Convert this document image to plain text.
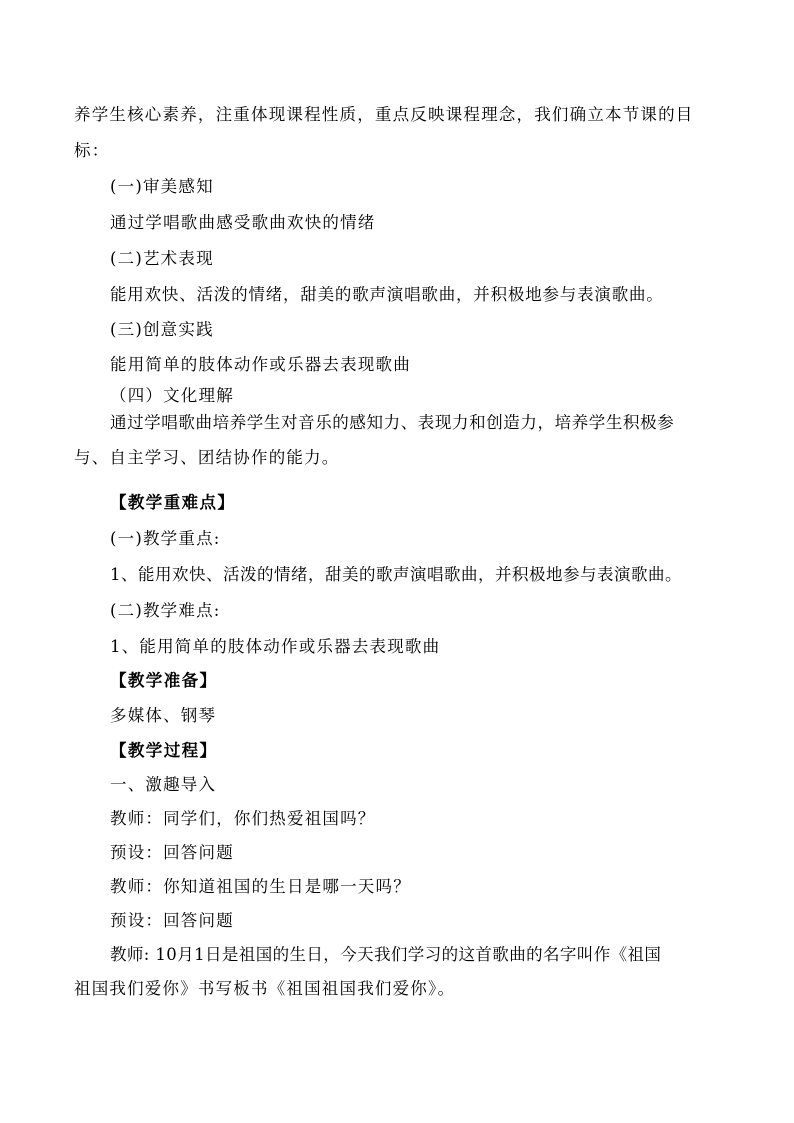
养学生核心素养，注重体现课程性质，重点反映课程理念，我们确立本节课的目
标：
(一)审美感知
通过学唱歌曲感受歌曲欢快的情绪
(二)艺术表现
能用欢快、活泼的情绪，甜美的歌声演唱歌曲，并积极地参与表演歌曲。
(三)创意实践
能用简单的肢体动作或乐器去表现歌曲
（四）文化理解
通过学唱歌曲培养学生对音乐的感知力、表现力和创造力，培养学生积极参
与、自主学习、团结协作的能力。
【教学重难点】
(一)教学重点:
1、能用欢快、活泼的情绪，甜美的歌声演唱歌曲，并积极地参与表演歌曲。
(二)教学难点:
1、能用简单的肢体动作或乐器去表现歌曲
【教学准备】
多媒体、钢琴
【教学过程】
一、激趣导入
教师：同学们，你们热爱祖国吗？
预设：回答问题
教师：你知道祖国的生日是哪一天吗？
预设：回答问题
教师: 10月1日是祖国的生日，今天我们学习的这首歌曲的名字叫作《祖国
祖国我们爱你》书写板书《祖国祖国我们爱你》。
